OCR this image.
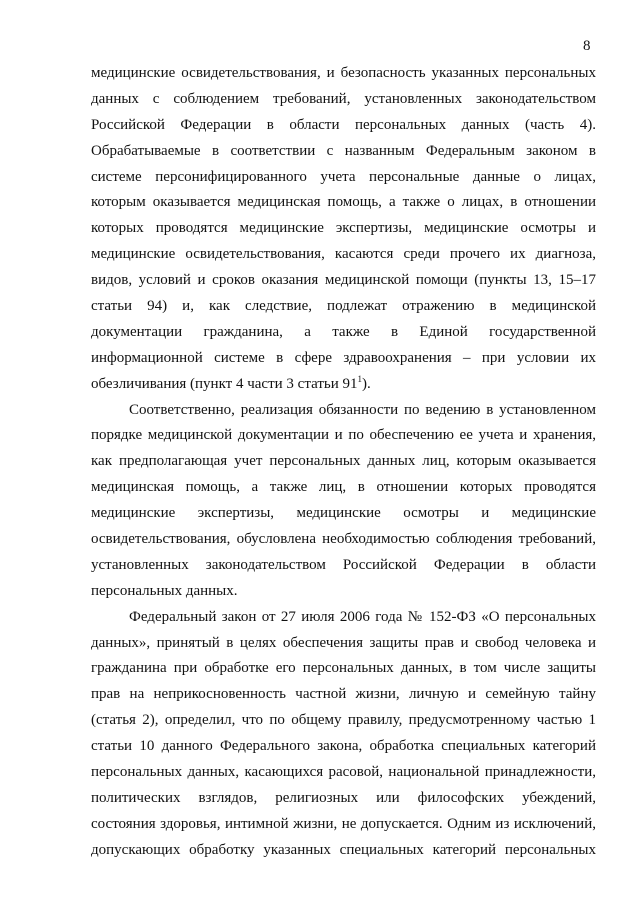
8
медицинские освидетельствования, и безопасность указанных персональных
данных с соблюдением требований, установленных законодательством
Российской Федерации в области персональных данных (часть 4).
Обрабатываемые в соответствии с названным Федеральным законом в
системе персонифицированного учета персональные данные о лицах,
которым оказывается медицинская помощь, а также о лицах, в отношении
которых проводятся медицинские экспертизы, медицинские осмотры и
медицинские освидетельствования, касаются среди прочего их диагноза,
видов, условий и сроков оказания медицинской помощи (пункты 13, 15–17
статьи 94) и, как следствие, подлежат отражению в медицинской
документации гражданина, а также в Единой государственной
информационной системе в сфере здравоохранения – при условии их
обезличивания (пункт 4 части 3 статьи $91^1$).
Соответственно, реализация обязанности по ведению в установленном
порядке медицинской документации и по обеспечению ее учета и хранения,
как предполагающая учет персональных данных лиц, которым оказывается
медицинская помощь, а также лиц, в отношении которых проводятся
медицинские экспертизы, медицинские осмотры и медицинские
освидетельствования, обусловлена необходимостью соблюдения требований,
установленных законодательством Российской Федерации в области
персональных данных.
Федеральный закон от 27 июля 2006 года № 152-ФЗ «О персональных
данных», принятый в целях обеспечения защиты прав и свобод человека и
гражданина при обработке его персональных данных, в том числе защиты
прав на неприкосновенность частной жизни, личную и семейную тайну
(статья 2), определил, что по общему правилу, предусмотренному частью 1
статьи 10 данного Федерального закона, обработка специальных категорий
персональных данных, касающихся расовой, национальной принадлежности,
политических взглядов, религиозных или философских убеждений,
состояния здоровья, интимной жизни, не допускается. Одним из исключений,
допускающих обработку указанных специальных категорий персональных
